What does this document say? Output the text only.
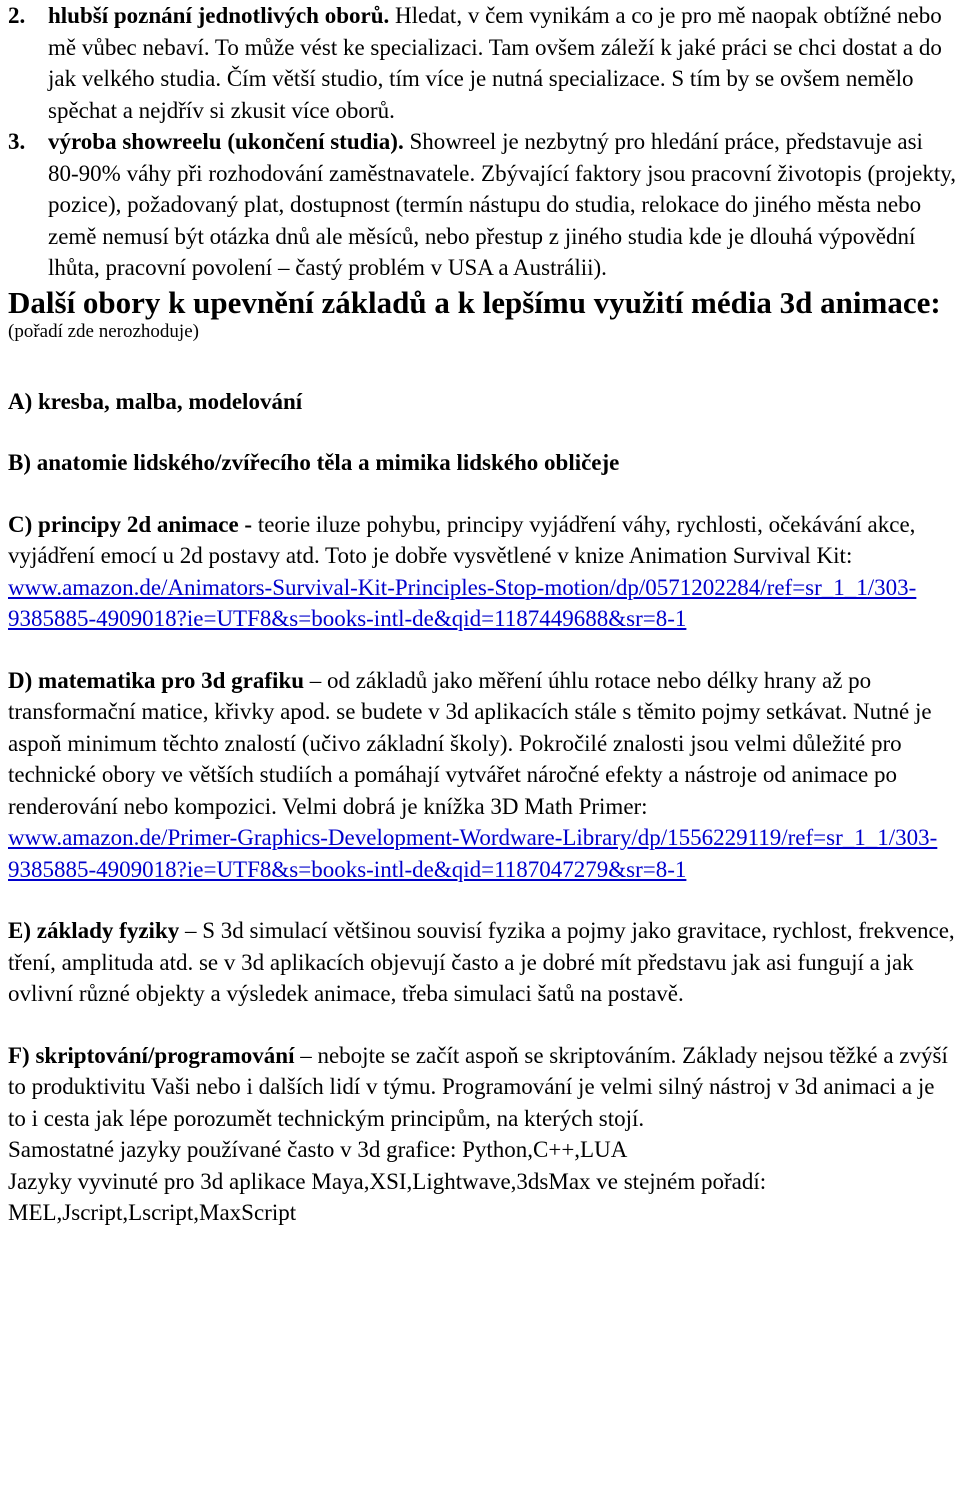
2. hlubší poznání jednotlivých oborů. Hledat, v čem vynikám a co je pro mě naopak obtížné nebo mě vůbec nebaví. To může vést ke specializaci. Tam ovšem záleží k jaké práci se chci dostat a do jak velkého studia. Čím větší studio, tím více je nutná specializace. S tím by se ovšem nemělo spěchat a nejdřív si zkusit více oborů.

3. výroba showreelu (ukončení studia). Showreel je nezbytný pro hledání práce, představuje asi 80-90% váhy při rozhodování zaměstnavatele. Zbývající faktory jsou pracovní životopis (projekty, pozice), požadovaný plat, dostupnost (termín nástupu do studia, relokace do jiného města nebo země nemusí být otázka dnů ale měsíců, nebo přestup z jiného studia kde je dlouhá výpovědní lhůta, pracovní povolení – častý problém v USA a Austrálii).

Další obory k upevnění základů a k lepšímu využití média 3d animace:

(pořadí zde nerozhoduje)

A) kresba, malba, modelování

B) anatomie lidského/zvířecího těla a mimika lidského obličeje

C) principy 2d animace - teorie iluze pohybu, principy vyjádření váhy, rychlosti, očekávání akce, vyjádření emocí u 2d postavy atd. Toto je dobře vysvětlené v knize Animation Survival Kit:
www.amazon.de/Animators-Survival-Kit-Principles-Stop-motion/dp/0571202284/ref=sr_1_1/303-9385885-4909018?ie=UTF8&s=books-intl-de&qid=1187449688&sr=8-1

D) matematika pro 3d grafiku – od základů jako měření úhlu rotace nebo délky hrany až po transformační matice, křivky apod. se budete v 3d aplikacích stále s těmito pojmy setkávat. Nutné je aspoň minimum těchto znalostí (učivo základní školy). Pokročilé znalosti jsou velmi důležité pro technické obory ve větších studiích a pomáhají vytvářet náročné efekty a nástroje od animace po renderování nebo kompozici. Velmi dobrá je knížka 3D Math Primer:
www.amazon.de/Primer-Graphics-Development-Wordware-Library/dp/1556229119/ref=sr_1_1/303-9385885-4909018?ie=UTF8&s=books-intl-de&qid=1187047279&sr=8-1

E) základy fyziky – S 3d simulací většinou souvisí fyzika a pojmy jako gravitace, rychlost, frekvence, tření, amplituda atd. se v 3d aplikacích objevují často a je dobré mít představu jak asi fungují a jak ovlivní různé objekty a výsledek animace, třeba simulaci šatů na postavě.

F) skriptování/programování – nebojte se začít aspoň se skriptováním. Základy nejsou těžké a zvýší to produktivitu Vaši nebo i dalších lidí v týmu. Programování je velmi silný nástroj v 3d animaci a je to i cesta jak lépe porozumět technickým principům, na kterých stojí.

Samostatné jazyky používané často v 3d grafice: Python,C++,LUA

Jazyky vyvinuté pro 3d aplikace Maya,XSI,Lightwave,3dsMax ve stejném pořadí: MEL,Jscript,Lscript,MaxScript
